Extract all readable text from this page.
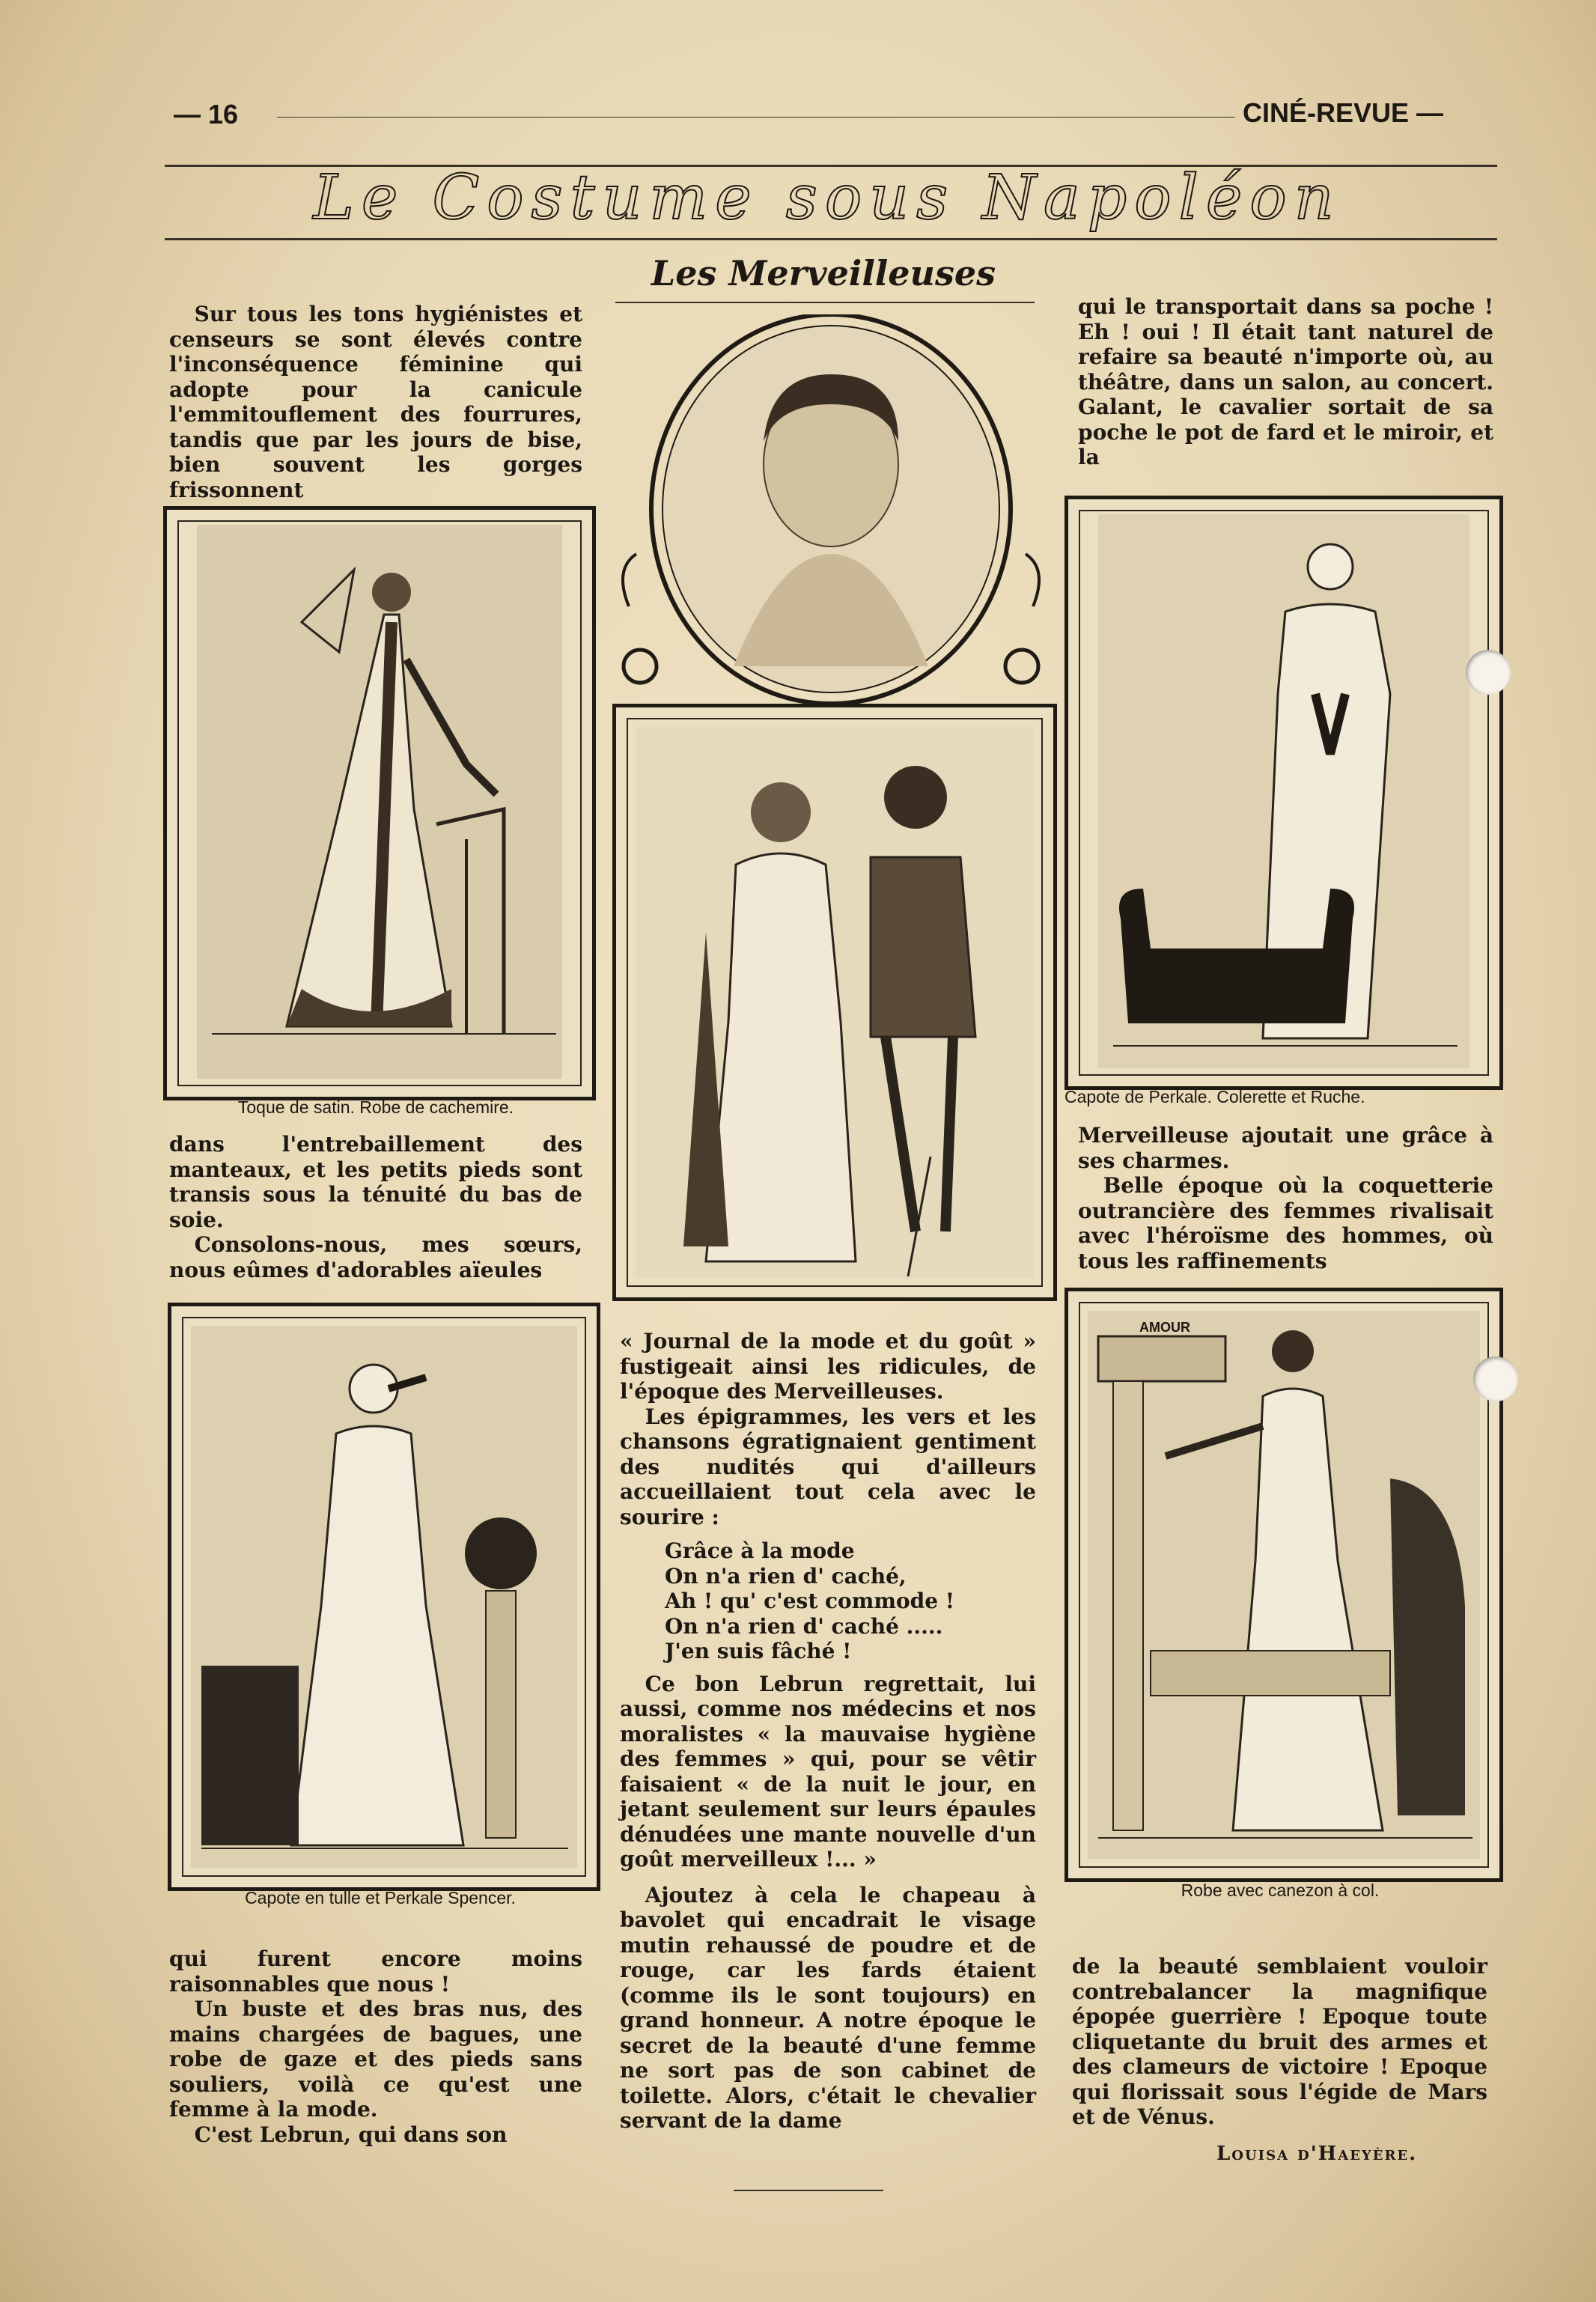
— 16	CINÉ-REVUE —
Le Costume sous Napoléon
Les Merveilleuses

Sur tous les tons hygiénistes et censeurs se sont élevés contre l'inconséquence féminine qui adopte pour la canicule l'emmitouflement des fourrures, tandis que par les jours de bise, bien souvent les gorges frissonnent

dans l'entrebaillement des manteaux, et les petits pieds sont transis sous la ténuité du bas de soie.

Consolons-nous, mes sœurs, nous eûmes d'adorables aïeules

qui furent encore moins raisonnables que nous !

Un buste et des bras nus, des mains chargées de bagues, une robe de gaze et des pieds sans souliers, voilà ce qu'est une femme à la mode.

C'est Lebrun, qui dans son

« Journal de la mode et du goût » fustigeait ainsi les ridicules, de l'époque des Merveilleuses.

Les épigrammes, les vers et les chansons égratignaient gentiment des nudités qui d'ailleurs accueillaient tout cela avec le sourire :

Grâce à la mode
On n'a rien d' caché,
Ah ! qu' c'est commode !
On n'a rien d' caché .....
J'en suis fâché !

Ce bon Lebrun regrettait, lui aussi, comme nos médecins et nos moralistes « la mauvaise hygiène des femmes » qui, pour se vêtir faisaient « de la nuit le jour, en jetant seulement sur leurs épaules dénudées une mante nouvelle d'un goût merveilleux !... »

Ajoutez à cela le chapeau à bavolet qui encadrait le visage mutin rehaussé de poudre et de rouge, car les fards étaient (comme ils le sont toujours) en grand honneur. A notre époque le secret de la beauté d'une femme ne sort pas de son cabinet de toilette. Alors, c'était le chevalier servant de la dame

qui le transportait dans sa poche ! Eh ! oui ! Il était tant naturel de refaire sa beauté n'importe où, au théâtre, dans un salon, au concert. Galant, le cavalier sortait de sa poche le pot de fard et le miroir, et la

Merveilleuse ajoutait une grâce à ses charmes.

Belle époque où la coquetterie outrancière des femmes rivalisait avec l'héroïsme des hommes, où tous les raffinements

de la beauté semblaient vouloir contrebalancer la magnifique épopée guerrière ! Epoque toute cliquetante du bruit des armes et des clameurs de victoire ! Epoque qui florissait sous l'égide de Mars et de Vénus.

Louisa d'Haeyère.
Toque de satin. Robe de cachemire.
Capote de Perkale. Colerette et Ruche.
Capote en tulle et Perkale Spencer.
AMOUR
Robe avec canezon à col.
